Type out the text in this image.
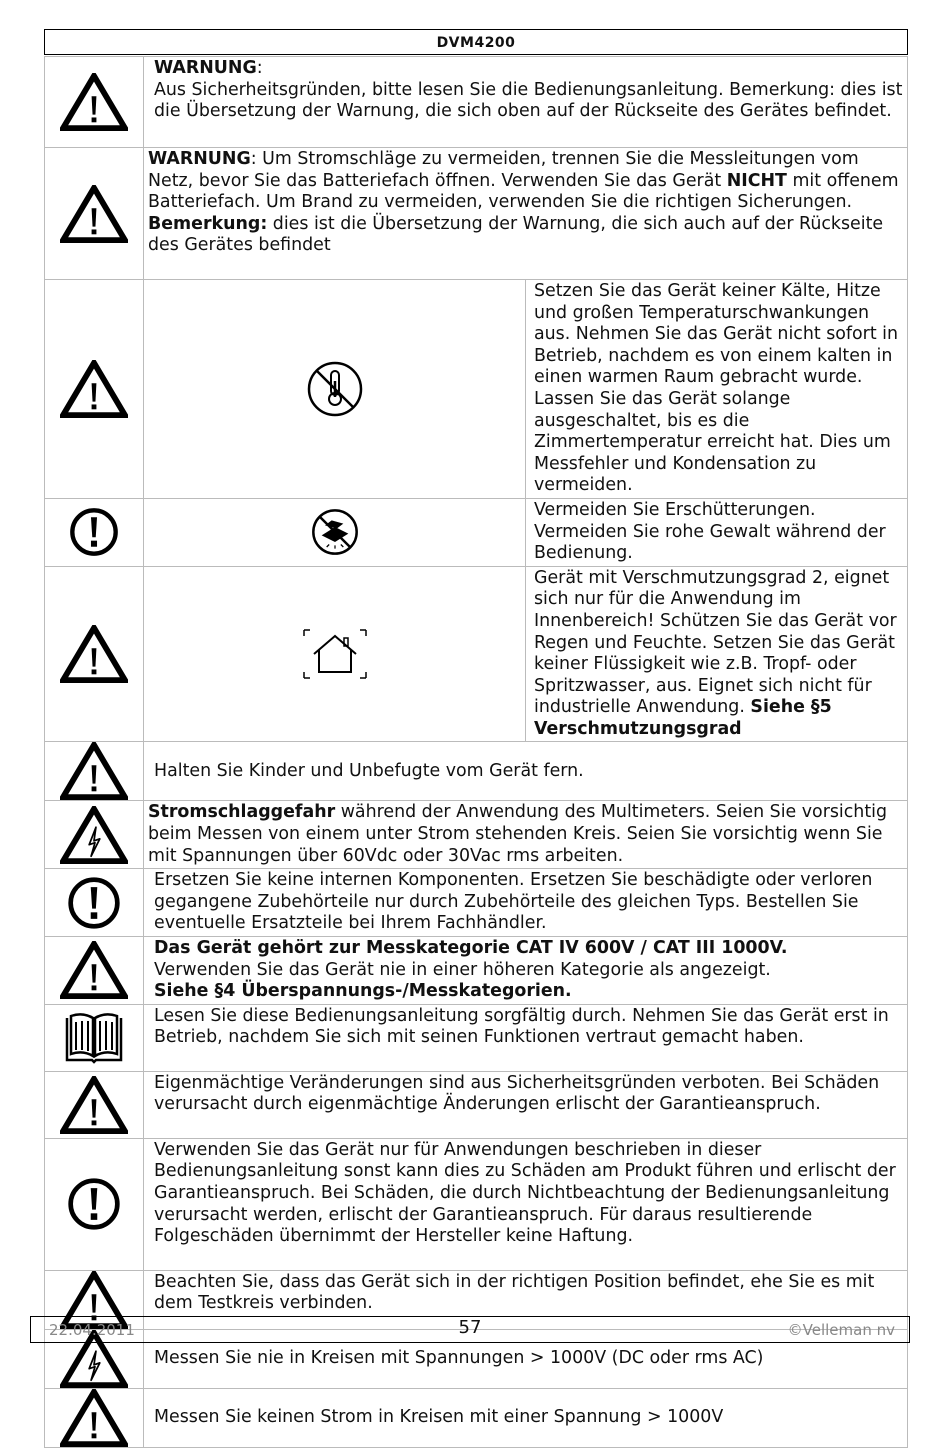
DVM4200
	WARNUNG:
Aus Sicherheitsgründen, bitte lesen Sie die Bedienungsanleitung. Bemerkung: dies ist die Übersetzung der Warnung, die sich oben auf der Rückseite des Gerätes befindet.	

	WARNUNG: Um Stromschläge zu vermeiden, trennen Sie die Messleitungen vom Netz, bevor Sie das Batteriefach öffnen. Verwenden Sie das Gerät NICHT mit offenem Batteriefach. Um Brand zu vermeiden, verwenden Sie die richtigen Sicherungen.
Bemerkung: dies ist die Übersetzung der Warnung, die sich auch auf der Rückseite des Gerätes befindet	

	Setzen Sie das Gerät keiner Kälte, Hitze und großen Temperaturschwankungen aus. Nehmen Sie das Gerät nicht sofort in Betrieb, nachdem es von einem kalten in einen warmen Raum gebracht wurde. Lassen Sie das Gerät solange ausgeschaltet, bis es die Zimmertemperatur erreicht hat. Dies um Messfehler und Kondensation zu vermeiden.

	Vermeiden Sie Erschütterungen. Vermeiden Sie rohe Gewalt während der Bedienung.

	Gerät mit Verschmutzungsgrad 2, eignet sich nur für die Anwendung im Innenbereich! Schützen Sie das Gerät vor Regen und Feuchte. Setzen Sie das Gerät keiner Flüssigkeit wie z.B. Tropf- oder Spritzwasser, aus. Eignet sich nicht für industrielle Anwendung. Siehe §5 Verschmutzungsgrad

	Halten Sie Kinder und Unbefugte vom Gerät fern.	

	Stromschlaggefahr während der Anwendung des Multimeters. Seien Sie vorsichtig beim Messen von einem unter Strom stehenden Kreis. Seien Sie vorsichtig wenn Sie mit Spannungen über 60Vdc oder 30Vac rms arbeiten.	

	Ersetzen Sie keine internen Komponenten. Ersetzen Sie beschädigte oder verloren gegangene Zubehörteile nur durch Zubehörteile des gleichen Typs. Bestellen Sie eventuelle Ersatzteile bei Ihrem Fachhändler.	

	Das Gerät gehört zur Messkategorie CAT IV 600V / CAT III 1000V.
Verwenden Sie das Gerät nie in einer höheren Kategorie als angezeigt.
Siehe §4 Überspannungs-/Messkategorien.	

	Lesen Sie diese Bedienungsanleitung sorgfältig durch. Nehmen Sie das Gerät erst in Betrieb, nachdem Sie sich mit seinen Funktionen vertraut gemacht haben.	

	Eigenmächtige Veränderungen sind aus Sicherheitsgründen verboten. Bei Schäden verursacht durch eigenmächtige Änderungen erlischt der Garantieanspruch.	

	Verwenden Sie das Gerät nur für Anwendungen beschrieben in dieser Bedienungsanleitung sonst kann dies zu Schäden am Produkt führen und erlischt der Garantieanspruch. Bei Schäden, die durch Nichtbeachtung der Bedienungsanleitung verursacht werden, erlischt der Garantieanspruch. Für daraus resultierende Folgeschäden übernimmt der Hersteller keine Haftung.	

	Beachten Sie, dass das Gerät sich in der richtigen Position befindet, ehe Sie es mit dem Testkreis verbinden.	

	Messen Sie nie in Kreisen mit Spannungen > 1000V (DC oder rms AC)	

	Messen Sie keinen Strom in Kreisen mit einer Spannung > 1000V	
22.04.2011	57	©Velleman nv
